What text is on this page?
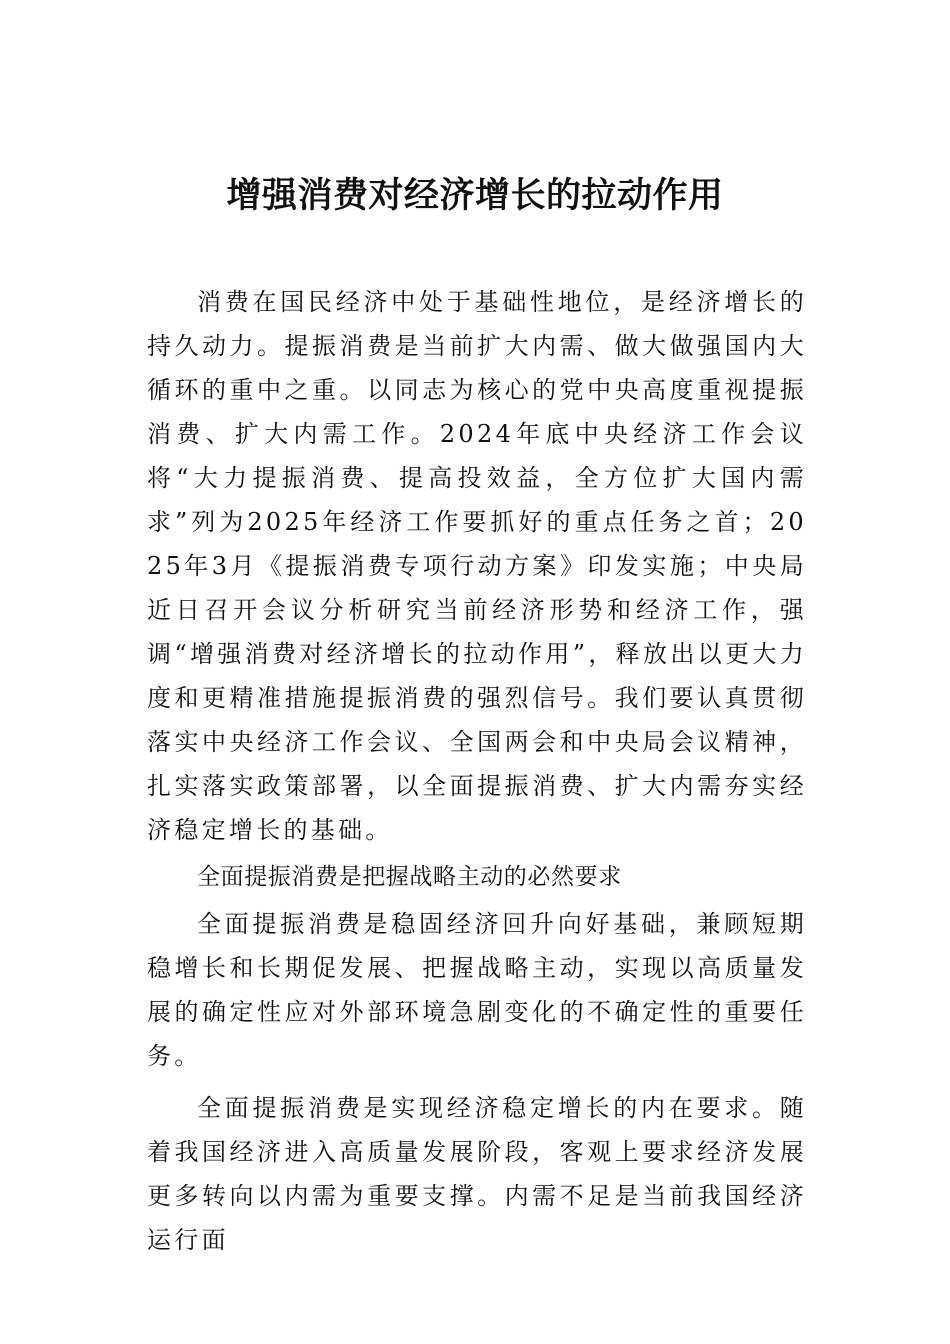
增强消费对经济增长的拉动作用

消费在国民经济中处于基础性地位，是经济增长的持久动力。提振消费是当前扩大内需、做大做强国内大循环的重中之重。以同志为核心的党中央高度重视提振消费、扩大内需工作。2024年底中央经济工作会议将“大力提振消费、提高投效益，全方位扩大国内需求”列为2025年经济工作要抓好的重点任务之首；2025年3月《提振消费专项行动方案》印发实施；中央局近日召开会议分析研究当前经济形势和经济工作，强调“增强消费对经济增长的拉动作用”，释放出以更大力度和更精准措施提振消费的强烈信号。我们要认真贯彻落实中央经济工作会议、全国两会和中央局会议精神，扎实落实政策部署，以全面提振消费、扩大内需夯实经济稳定增长的基础。

全面提振消费是把握战略主动的必然要求

全面提振消费是稳固经济回升向好基础，兼顾短期稳增长和长期促发展、把握战略主动，实现以高质量发展的确定性应对外部环境急剧变化的不确定性的重要任务。

全面提振消费是实现经济稳定增长的内在要求。随着我国经济进入高质量发展阶段，客观上要求经济发展更多转向以内需为重要支撑。内需不足是当前我国经济运行面
